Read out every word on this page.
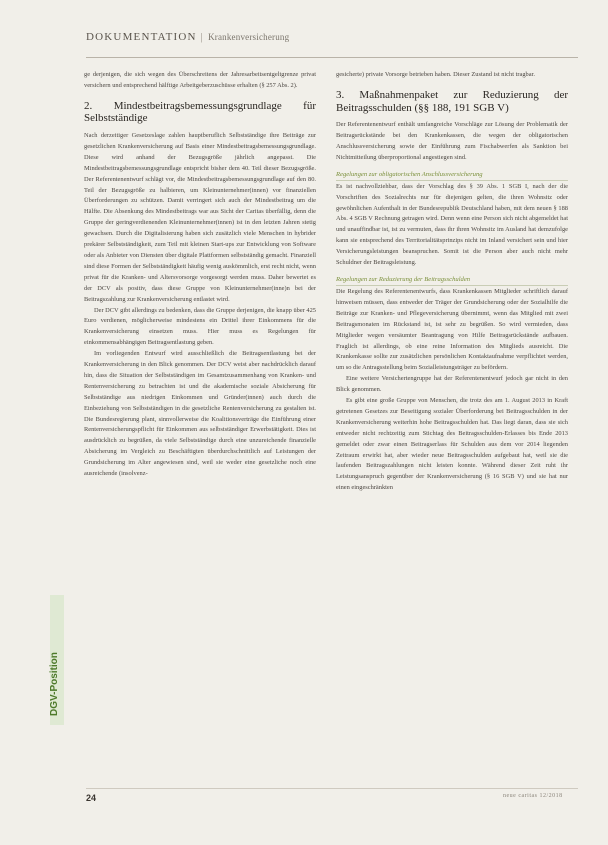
DOKUMENTATION | Krankenversicherung
DGV-Position

ge derjenigen, die sich wegen des Überschreitens der Jahresarbeitsentgeltgrenze privat versichern und entsprechend hälftige Arbeitgeberzuschüsse erhalten (§ 257 Abs. 2).

2. Mindestbeitragsbemessungsgrundlage für Selbstständige

Nach derzeitiger Gesetzeslage zahlen hauptberuflich Selbstständige ihre Beiträge zur gesetzlichen Krankenversicherung auf Basis einer Mindestbeitragsbemessungsgrundlage. Diese wird anhand der Bezugsgröße jährlich angepasst. Die Mindestbeitragsbemessungsgrundlage entspricht bisher dem 40. Teil dieser Bezugsgröße. Der Referentenentwurf schlägt vor, die Mindestbeitragsbemessungsgrundlage auf den 80. Teil der Bezugsgröße zu halbieren, um Kleinunternehmer(innen) vor finanziellen Überforderungen zu schützen. Damit verringert sich auch der Mindestbeitrag um die Hälfte. Die Absenkung des Mindestbeitrags war aus Sicht der Caritas überfällig, denn die Gruppe der geringverdienenden Kleinunternehmer(innen) ist in den letzten Jahren stetig gewachsen. Durch die Digitalisierung haben sich zusätzlich viele Menschen in hybrider prekärer Selbstständigkeit, zum Teil mit kleinen Start-ups zur Entwicklung von Software oder als Anbieter von Diensten über digitale Plattformen selbstständig gemacht. Finanziell sind diese Formen der Selbstständigkeit häufig wenig auskömmlich, erst recht nicht, wenn privat für die Kranken- und Altersvorsorge vorgesorgt werden muss. Daher bewertet es der DCV als positiv, dass diese Gruppe von Kleinunternehmer(inne)n bei der Beitragszahlung zur Krankenversicherung entlastet wird.

Der DCV gibt allerdings zu bedenken, dass die Gruppe derjenigen, die knapp über 425 Euro verdienen, möglicherweise mindestens ein Drittel ihrer Einkommens für die Krankenversicherung einsetzen muss. Hier muss es Regelungen für einkommensabhängigen Beitragsentlastung geben.

Im vorliegenden Entwurf wird ausschließlich die Beitragsentlastung bei der Krankenversicherung in den Blick genommen. Der DCV weist aber nachdrücklich darauf hin, dass die Situation der Selbstständigen im Gesamtzusammenhang von Kranken- und Rentenversicherung zu betrachten ist und die akademische soziale Absicherung für Selbstständige aus niedrigen Einkommen und Gründer(innen) auch durch die Einbeziehung von Selbstständigen in die gesetzliche Rentenversicherung zu gestalten ist. Die Bundesregierung plant, sinnvollerweise die Koalitionsverträge die Einführung einer Rentenversicherungspflicht für Einkommen aus selbstständiger Erwerbstätigkeit. Dies ist ausdrücklich zu begrüßen, da viele Selbstständige durch eine unzureichende finanzielle Absicherung im Vergleich zu Beschäftigten überdurchschnittlich auf Leistungen der Grundsicherung im Alter angewiesen sind, weil sie weder eine gesetzliche noch eine ausreichende (insolvenz-

gesicherte) private Vorsorge betrieben haben. Dieser Zustand ist nicht tragbar.

3. Maßnahmenpaket zur Reduzierung der Beitragsschulden (§§ 188, 191 SGB V)

Der Referentenentwurf enthält umfangreiche Vorschläge zur Lösung der Problematik der Beitragsrückstände bei den Krankenkassen, die wegen der obligatorischen Anschlussversicherung sowie der Einführung zum Fischabwerfen als Sanktion bei Nichtmitteilung überproportional angestiegen sind.

Regelungen zur obligatorischen Anschlussversicherung

Es ist nachvollziehbar, dass der Vorschlag des § 39 Abs. 1 SGB I, nach der die Vorschriften des Sozialrechts nur für diejenigen gelten, die ihren Wohnsitz oder gewöhnlichen Aufenthalt in der Bundesrepublik Deutschland haben, mit dem neuen § 188 Abs. 4 SGB V Rechnung getragen wird. Denn wenn eine Person sich nicht abgemeldet hat und unauffindbar ist, ist zu vermuten, dass ihr ihren Wohnsitz im Ausland hat demzufolge kann sie entsprechend des Territorialitätsprinzips nicht im Inland versichert sein und hier Versicherungsleistungen beanspruchen. Somit ist die Person aber auch nicht mehr Schuldner der Beitragsleistung.

Regelungen zur Reduzierung der Beitragsschulden

Die Regelung des Referentenentwurfs, dass Krankenkassen Mitglieder schriftlich darauf hinweisen müssen, dass entweder der Träger der Grundsicherung oder der Sozialhilfe die Beiträge zur Kranken- und Pflegeversicherung übernimmt, wenn das Mitglied mit zwei Beitragsmonaten im Rückstand ist, ist sehr zu begrüßen. So wird vermieden, dass Mitglieder wegen versäumter Beantragung von Hilfe Beitragsrückstände aufbauen. Fraglich ist allerdings, ob eine reine Information des Mitglieds ausreicht. Die Krankenkasse sollte zur zusätzlichen persönlichen Kontaktaufnahme verpflichtet werden, um so die Antragsstellung beim Sozialleistungsträger zu befördern.

Eine weitere Versichertengruppe hat der Referentenentwurf jedoch gar nicht in den Blick genommen.

Es gibt eine große Gruppe von Menschen, die trotz des am 1. August 2013 in Kraft getretenen Gesetzes zur Beseitigung sozialer Überforderung bei Beitragsschulden in der Krankenversicherung weiterhin hohe Beitragsschulden hat. Das liegt daran, dass sie sich entweder nicht rechtzeitig zum Stichtag des Beitragsschulden-Erlasses bis Ende 2013 gemeldet oder zwar einen Beitragserlass für Schulden aus dem vor 2014 liegenden Zeitraum erwirkt hat, aber wieder neue Beitragsschulden aufgebaut hat, weil sie die laufenden Beitragszahlungen nicht leisten konnte. Während dieser Zeit ruht ihr Leistungsanspruch gegenüber der Krankenversicherung (§ 16 SGB V) und sie hat nur einen eingeschränkten

24	neue caritas 12/2018
